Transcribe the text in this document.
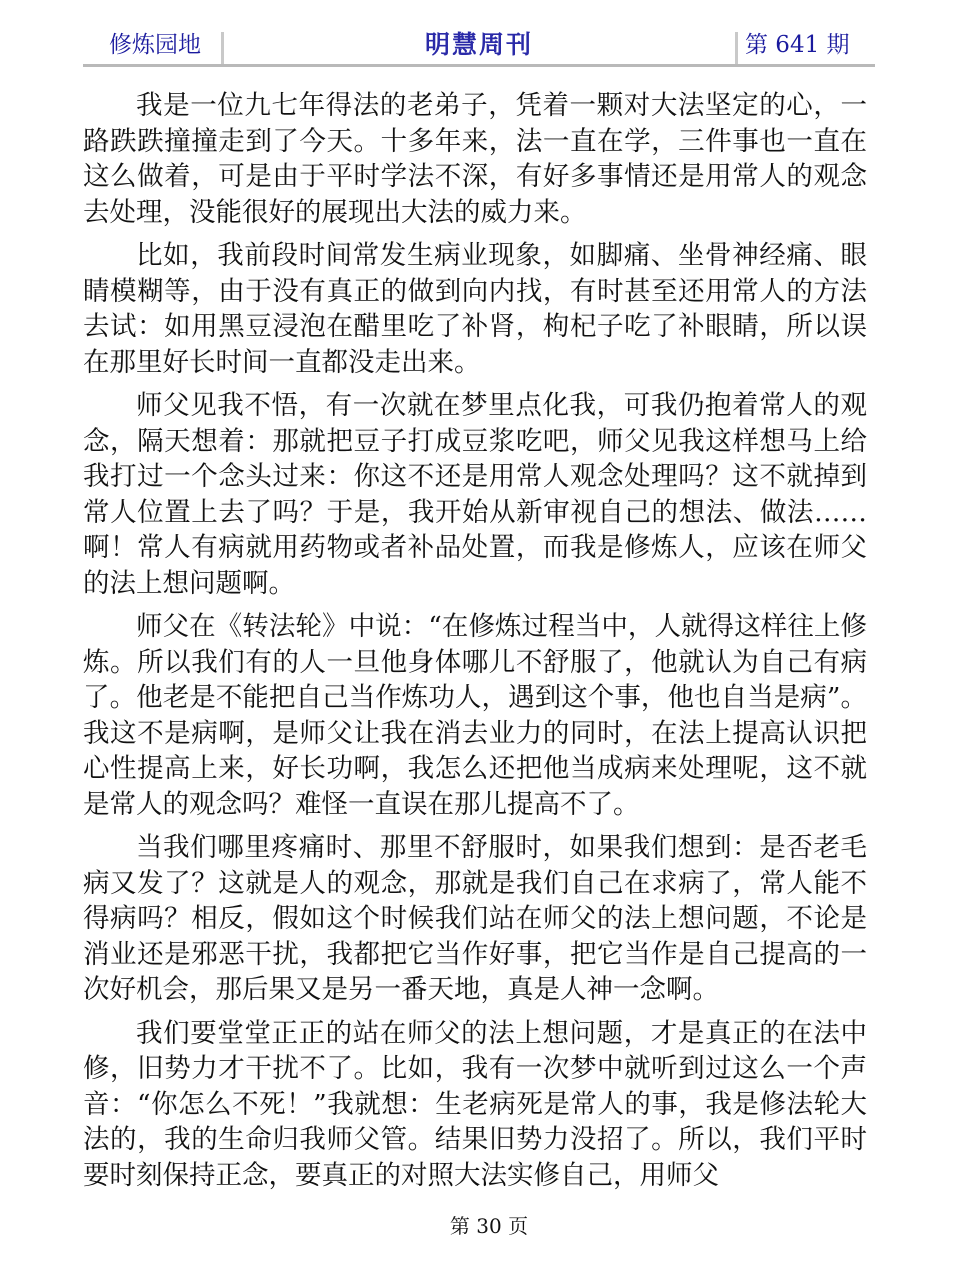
修炼园地	明慧周刊	第 641 期

我是一位九七年得法的老弟子，凭着一颗对大法坚定的心，一路跌跌撞撞走到了今天。十多年来，法一直在学，三件事也一直在这么做着，可是由于平时学法不深，有好多事情还是用常人的观念去处理，没能很好的展现出大法的威力来。

比如，我前段时间常发生病业现象，如脚痛、坐骨神经痛、眼睛模糊等，由于没有真正的做到向内找，有时甚至还用常人的方法去试：如用黑豆浸泡在醋里吃了补肾，枸杞子吃了补眼睛，所以误在那里好长时间一直都没走出来。

师父见我不悟，有一次就在梦里点化我，可我仍抱着常人的观念，隔天想着：那就把豆子打成豆浆吃吧，师父见我这样想马上给我打过一个念头过来：你这不还是用常人观念处理吗？这不就掉到常人位置上去了吗？于是，我开始从新审视自己的想法、做法……啊！常人有病就用药物或者补品处置，而我是修炼人，应该在师父的法上想问题啊。

师父在《转法轮》中说：“在修炼过程当中，人就得这样往上修炼。所以我们有的人一旦他身体哪儿不舒服了，他就认为自己有病了。他老是不能把自己当作炼功人，遇到这个事，他也自当是病”。我这不是病啊，是师父让我在消去业力的同时，在法上提高认识把心性提高上来，好长功啊，我怎么还把他当成病来处理呢，这不就是常人的观念吗？难怪一直误在那儿提高不了。

当我们哪里疼痛时、那里不舒服时，如果我们想到：是否老毛病又发了？这就是人的观念，那就是我们自己在求病了，常人能不得病吗？相反，假如这个时候我们站在师父的法上想问题，不论是消业还是邪恶干扰，我都把它当作好事，把它当作是自己提高的一次好机会，那后果又是另一番天地，真是人神一念啊。

我们要堂堂正正的站在师父的法上想问题，才是真正的在法中修，旧势力才干扰不了。比如，我有一次梦中就听到过这么一个声音：“你怎么不死！”我就想：生老病死是常人的事，我是修法轮大法的，我的生命归我师父管。结果旧势力没招了。所以，我们平时要时刻保持正念，要真正的对照大法实修自己，用师父

第 30 页
